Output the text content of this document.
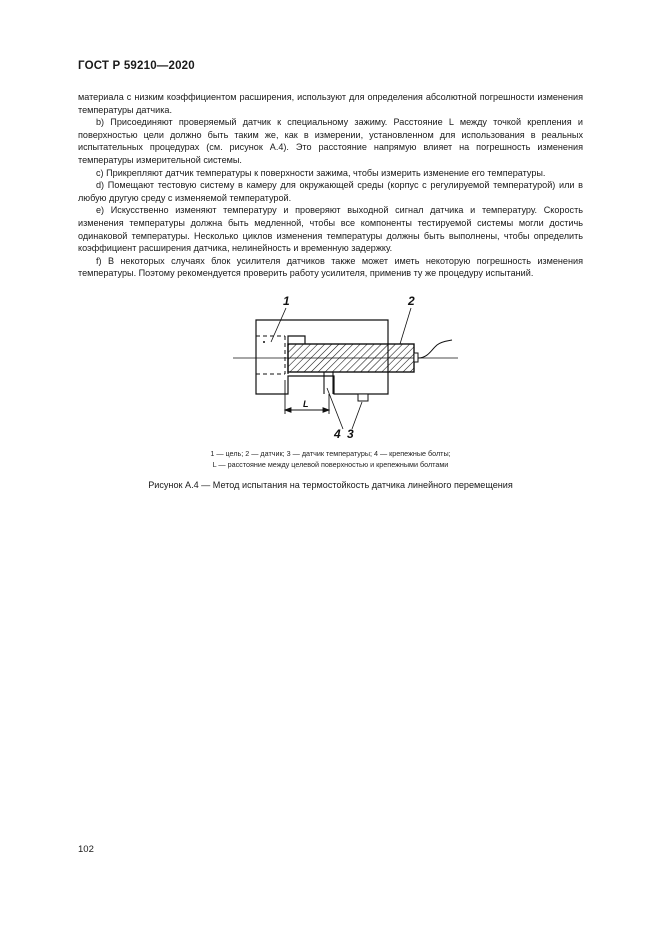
ГОСТ Р 59210—2020

материала с низким коэффициентом расширения, используют для определения абсолютной погрешности изменения температуры датчика.

b) Присоединяют проверяемый датчик к специальному зажиму. Расстояние L между точкой крепления и поверхностью цели должно быть таким же, как в измерении, установленном для использования в реальных испытательных процедурах (см. рисунок А.4). Это расстояние напрямую влияет на погрешность изменения температуры измерительной системы.

c) Прикрепляют датчик температуры к поверхности зажима, чтобы измерить изменение его температуры.

d) Помещают тестовую систему в камеру для окружающей среды (корпус с регулируемой температурой) или в любую другую среду с изменяемой температурой.

e) Искусственно изменяют температуру и проверяют выходной сигнал датчика и температуру. Скорость изменения температуры должна быть медленной, чтобы все компоненты тестируемой системы могли достичь одинаковой температуры. Несколько циклов изменения температуры должны быть выполнены, чтобы определить коэффициент расширения датчика, нелинейность и временную задержку.

f) В некоторых случаях блок усилителя датчиков также может иметь некоторую погрешность изменения температуры. Поэтому рекомендуется проверить работу усилителя, применив ту же процедуру испытаний.

L
1	2
4 3
1 — цель; 2 — датчик; 3 — датчик температуры; 4 — крепежные болты;
L — расстояние между целевой поверхностью и крепежными болтами
Рисунок А.4 — Метод испытания на термостойкость датчика линейного перемещения
102
